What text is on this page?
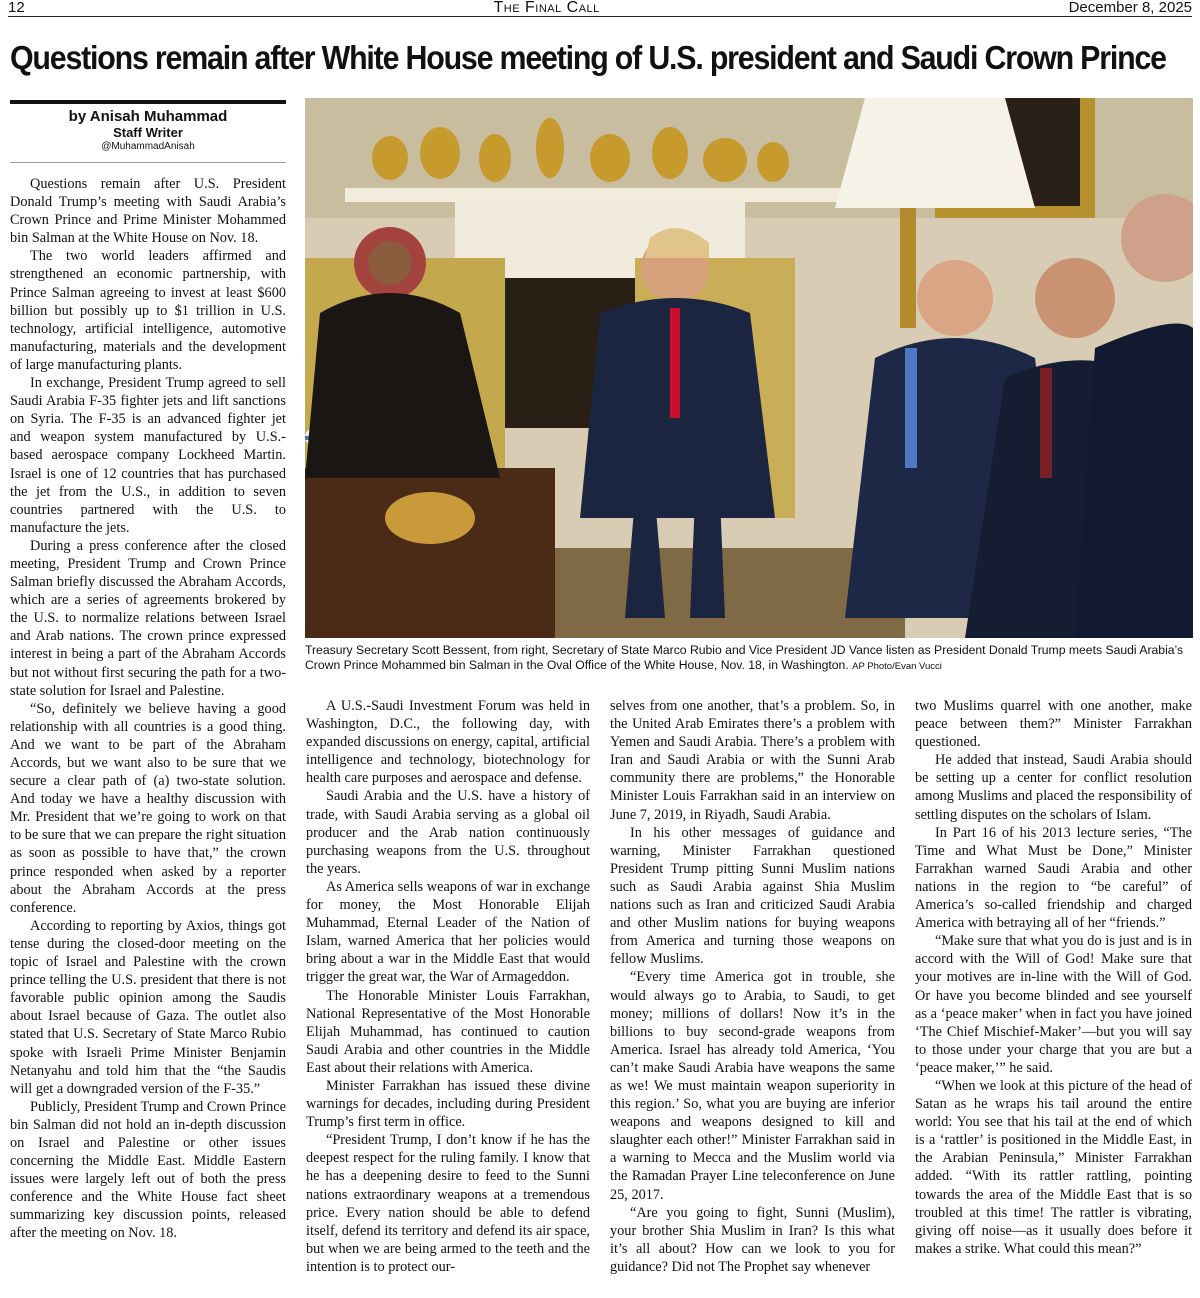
12	The Final Call	December 8, 2025
Questions remain after White House meeting of U.S. president and Saudi Crown Prince
by Anisah Muhammad
Staff Writer
@MuhammadAnisah

Questions remain after U.S. President Donald Trump’s meeting with Saudi Arabia’s Crown Prince and Prime Minister Mohammed bin Salman at the White House on Nov. 18.

The two world leaders affirmed and strengthened an economic partnership, with Prince Salman agreeing to invest at least $600 billion but possibly up to $1 trillion in U.S. technology, artificial intelligence, automotive manufacturing, materials and the development of large manufacturing plants.

In exchange, President Trump agreed to sell Saudi Arabia F-35 fighter jets and lift sanctions on Syria. The F-35 is an advanced fighter jet and weapon system manufactured by U.S.-based aerospace company Lockheed Martin. Israel is one of 12 countries that has purchased the jet from the U.S., in addition to seven countries partnered with the U.S. to manufacture the jets.

During a press conference after the closed meeting, President Trump and Crown Prince Salman briefly discussed the Abraham Accords, which are a series of agreements brokered by the U.S. to normalize relations between Israel and Arab nations. The crown prince expressed interest in being a part of the Abraham Accords but not without first securing the path for a two-state solution for Israel and Palestine.

“So, definitely we believe having a good relationship with all countries is a good thing. And we want to be part of the Abraham Accords, but we want also to be sure that we secure a clear path of (a) two-state solution. And today we have a healthy discussion with Mr. President that we’re going to work on that to be sure that we can prepare the right situation as soon as possible to have that,” the crown prince responded when asked by a reporter about the Abraham Accords at the press conference.

According to reporting by Axios, things got tense during the closed-door meeting on the topic of Israel and Palestine with the crown prince telling the U.S. president that there is not favorable public opinion among the Saudis about Israel because of Gaza. The outlet also stated that U.S. Secretary of State Marco Rubio spoke with Israeli Prime Minister Benjamin Netanyahu and told him that the “the Saudis will get a downgraded version of the F-35.”

Publicly, President Trump and Crown Prince bin Salman did not hold an in-depth discussion on Israel and Palestine or other issues concerning the Middle East. Middle Eastern issues were largely left out of both the press conference and the White House fact sheet summarizing key discussion points, released after the meeting on Nov. 18.

Treasury Secretary Scott Bessent, from right, Secretary of State Marco Rubio and Vice President JD Vance listen as President Donald Trump meets Saudi Arabia’s Crown Prince Mohammed bin Salman in the Oval Office of the White House, Nov. 18, in Washington. AP Photo/Evan Vucci

A U.S.-Saudi Investment Forum was held in Washington, D.C., the following day, with expanded discussions on energy, capital, artificial intelligence and technology, biotechnology for health care purposes and aerospace and defense.

Saudi Arabia and the U.S. have a history of trade, with Saudi Arabia serving as a global oil producer and the Arab nation continuously purchasing weapons from the U.S. throughout the years.

As America sells weapons of war in exchange for money, the Most Honorable Elijah Muhammad, Eternal Leader of the Nation of Islam, warned America that her policies would bring about a war in the Middle East that would trigger the great war, the War of Armageddon.

The Honorable Minister Louis Farrakhan, National Representative of the Most Honorable Elijah Muhammad, has continued to caution Saudi Arabia and other countries in the Middle East about their relations with America.

Minister Farrakhan has issued these divine warnings for decades, including during President Trump’s first term in office.

“President Trump, I don’t know if he has the deepest respect for the ruling family. I know that he has a deepening desire to feed to the Sunni nations extraordinary weapons at a tremendous price. Every nation should be able to defend itself, defend its territory and defend its air space, but when we are being armed to the teeth and the intention is to protect our-

selves from one another, that’s a problem. So, in the United Arab Emirates there’s a problem with Yemen and Saudi Arabia. There’s a problem with Iran and Saudi Arabia or with the Sunni Arab community there are problems,” the Honorable Minister Louis Farrakhan said in an interview on June 7, 2019, in Riyadh, Saudi Arabia.

In his other messages of guidance and warning, Minister Farrakhan questioned President Trump pitting Sunni Muslim nations such as Saudi Arabia against Shia Muslim nations such as Iran and criticized Saudi Arabia and other Muslim nations for buying weapons from America and turning those weapons on fellow Muslims.

“Every time America got in trouble, she would always go to Arabia, to Saudi, to get money; millions of dollars! Now it’s in the billions to buy second-grade weapons from America. Israel has already told America, ‘You can’t make Saudi Arabia have weapons the same as we! We must maintain weapon superiority in this region.’ So, what you are buying are inferior weapons and weapons designed to kill and slaughter each other!” Minister Farrakhan said in a warning to Mecca and the Muslim world via the Ramadan Prayer Line teleconference on June 25, 2017.

“Are you going to fight, Sunni (Muslim), your brother Shia Muslim in Iran? Is this what it’s all about? How can we look to you for guidance? Did not The Prophet say whenever

two Muslims quarrel with one another, make peace between them?” Minister Farrakhan questioned.

He added that instead, Saudi Arabia should be setting up a center for conflict resolution among Muslims and placed the responsibility of settling disputes on the scholars of Islam.

In Part 16 of his 2013 lecture series, “The Time and What Must be Done,” Minister Farrakhan warned Saudi Arabia and other nations in the region to “be careful” of America’s so-called friendship and charged America with betraying all of her “friends.”

“Make sure that what you do is just and is in accord with the Will of God! Make sure that your motives are in-line with the Will of God. Or have you become blinded and see yourself as a ‘peace maker’ when in fact you have joined ‘The Chief Mischief-Maker’—but you will say to those under your charge that you are but a ‘peace maker,’” he said.

“When we look at this picture of the head of Satan as he wraps his tail around the entire world: You see that his tail at the end of which is a ‘rattler’ is positioned in the Middle East, in the Arabian Peninsula,” Minister Farrakhan added. “With its rattler rattling, pointing towards the area of the Middle East that is so troubled at this time! The rattler is vibrating, giving off noise—as it usually does before it makes a strike. What could this mean?”
